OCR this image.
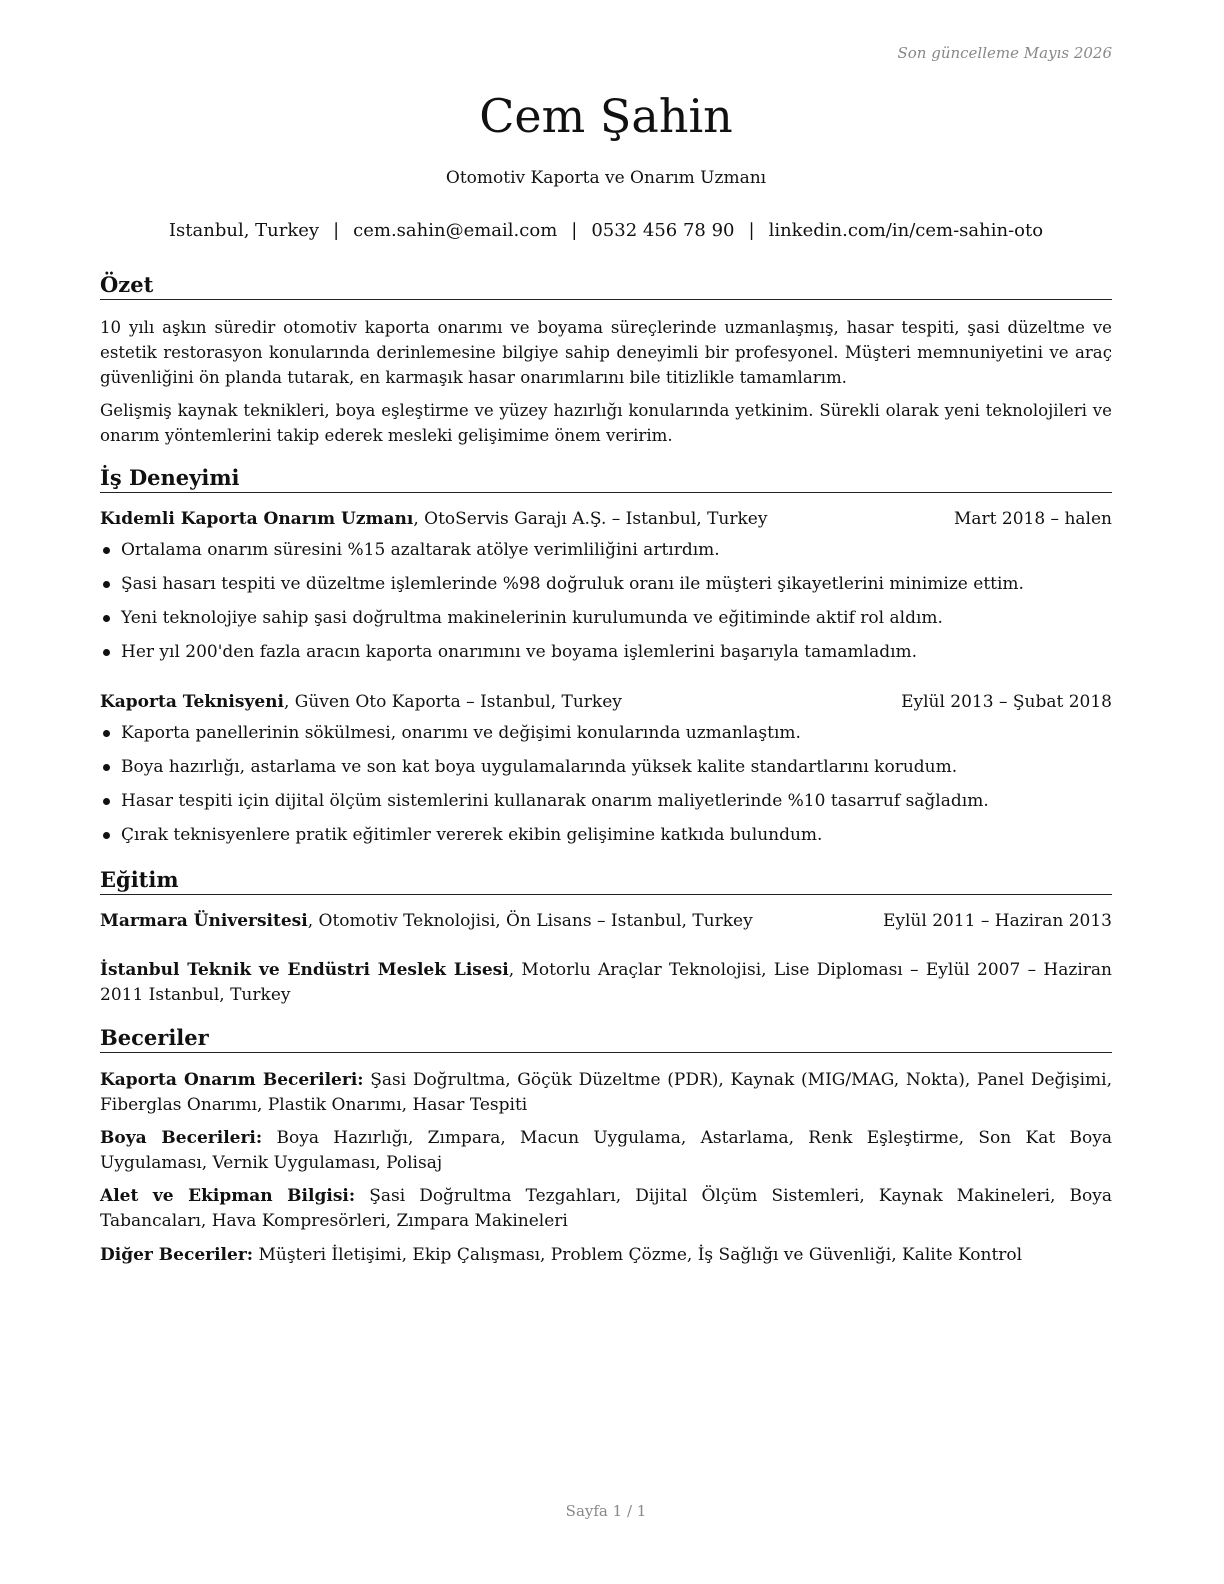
Son güncelleme Mayıs 2026
Cem Şahin
Otomotiv Kaporta ve Onarım Uzmanı
Istanbul, Turkey | cem.sahin@email.com | 0532 456 78 90 | linkedin.com/in/cem-sahin-oto
Özet

10 yılı aşkın süredir otomotiv kaporta onarımı ve boyama süreçlerinde uzmanlaşmış, hasar tespiti, şasi düzeltme ve estetik restorasyon konularında derinlemesine bilgiye sahip deneyimli bir profesyonel. Müşteri memnuniyetini ve araç güvenliğini ön planda tutarak, en karmaşık hasar onarımlarını bile titizlikle tamamlarım.

Gelişmiş kaynak teknikleri, boya eşleştirme ve yüzey hazırlığı konularında yetkinim. Sürekli olarak yeni teknolojileri ve onarım yöntemlerini takip ederek mesleki gelişimime önem veririm.

İş Deneyimi
Kıdemli Kaporta Onarım Uzmanı, OtoServis Garajı A.Ş. – Istanbul, Turkey	Mart 2018 – halen
Ortalama onarım süresini %15 azaltarak atölye verimliliğini artırdım.
Şasi hasarı tespiti ve düzeltme işlemlerinde %98 doğruluk oranı ile müşteri şikayetlerini minimize ettim.
Yeni teknolojiye sahip şasi doğrultma makinelerinin kurulumunda ve eğitiminde aktif rol aldım.
Her yıl 200'den fazla aracın kaporta onarımını ve boyama işlemlerini başarıyla tamamladım.
Kaporta Teknisyeni, Güven Oto Kaporta – Istanbul, Turkey	Eylül 2013 – Şubat 2018
Kaporta panellerinin sökülmesi, onarımı ve değişimi konularında uzmanlaştım.
Boya hazırlığı, astarlama ve son kat boya uygulamalarında yüksek kalite standartlarını korudum.
Hasar tespiti için dijital ölçüm sistemlerini kullanarak onarım maliyetlerinde %10 tasarruf sağladım.
Çırak teknisyenlere pratik eğitimler vererek ekibin gelişimine katkıda bulundum.
Eğitim
Marmara Üniversitesi, Otomotiv Teknolojisi, Ön Lisans – Istanbul, Turkey	Eylül 2011 – Haziran 2013
İstanbul Teknik ve Endüstri Meslek Lisesi, Motorlu Araçlar Teknolojisi, Lise Diploması – Eylül 2007 – Haziran 2011 Istanbul, Turkey
Beceriler

Kaporta Onarım Becerileri: Şasi Doğrultma, Göçük Düzeltme (PDR), Kaynak (MIG/MAG, Nokta), Panel Değişimi, Fiberglas Onarımı, Plastik Onarımı, Hasar Tespiti

Boya Becerileri: Boya Hazırlığı, Zımpara, Macun Uygulama, Astarlama, Renk Eşleştirme, Son Kat Boya Uygulaması, Vernik Uygulaması, Polisaj

Alet ve Ekipman Bilgisi: Şasi Doğrultma Tezgahları, Dijital Ölçüm Sistemleri, Kaynak Makineleri, Boya Tabancaları, Hava Kompresörleri, Zımpara Makineleri

Diğer Beceriler: Müşteri İletişimi, Ekip Çalışması, Problem Çözme, İş Sağlığı ve Güvenliği, Kalite Kontrol

Sayfa 1 / 1
